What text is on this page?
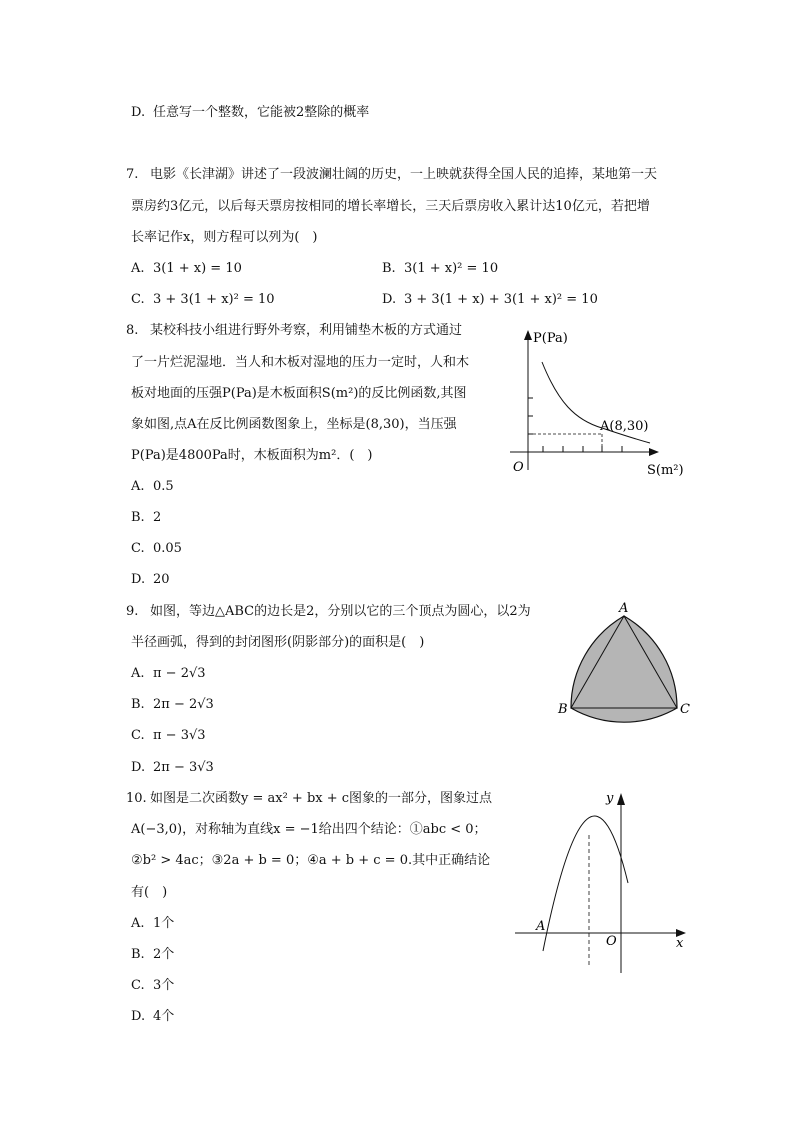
D. 任意写一个整数，它能被2整除的概率
7. 电影《长津湖》讲述了一段波澜壮阔的历史，一上映就获得全国人民的追捧，某地第一天
票房约3亿元，以后每天票房按相同的增长率增长，三天后票房收入累计达10亿元，若把增
长率记作x，则方程可以列为(　)
A. 3(1 + x) = 10	B. 3(1 + x)² = 10
C. 3 + 3(1 + x)² = 10	D. 3 + 3(1 + x) + 3(1 + x)² = 10
8. 某校科技小组进行野外考察，利用铺垫木板的方式通过
了一片烂泥湿地．当人和木板对湿地的压力一定时，人和木
板对地面的压强P(Pa)是木板面积S(m²)的反比例函数,其图
象如图,点A在反比例函数图象上，坐标是(8,30)，当压强
P(Pa)是4800Pa时，木板面积为m²．(　)
A. 0.5
B. 2
C. 0.05
D. 20
P(Pa)
S(m²)
O
A(8,30)
9. 如图，等边△ABC的边长是2，分别以它的三个顶点为圆心，以2为
半径画弧，得到的封闭图形(阴影部分)的面积是(　)
A. π − 2√3
B. 2π − 2√3
C. π − 3√3
D. 2π − 3√3
A
B	C
10. 如图是二次函数y = ax² + bx + c图象的一部分，图象过点
A(−3,0)，对称轴为直线x = −1给出四个结论：①abc < 0；
②b² > 4ac；③2a + b = 0；④a + b + c = 0.其中正确结论
有(　)
A. 1个
B. 2个
C. 3个
D. 4个
y
x
O
A
